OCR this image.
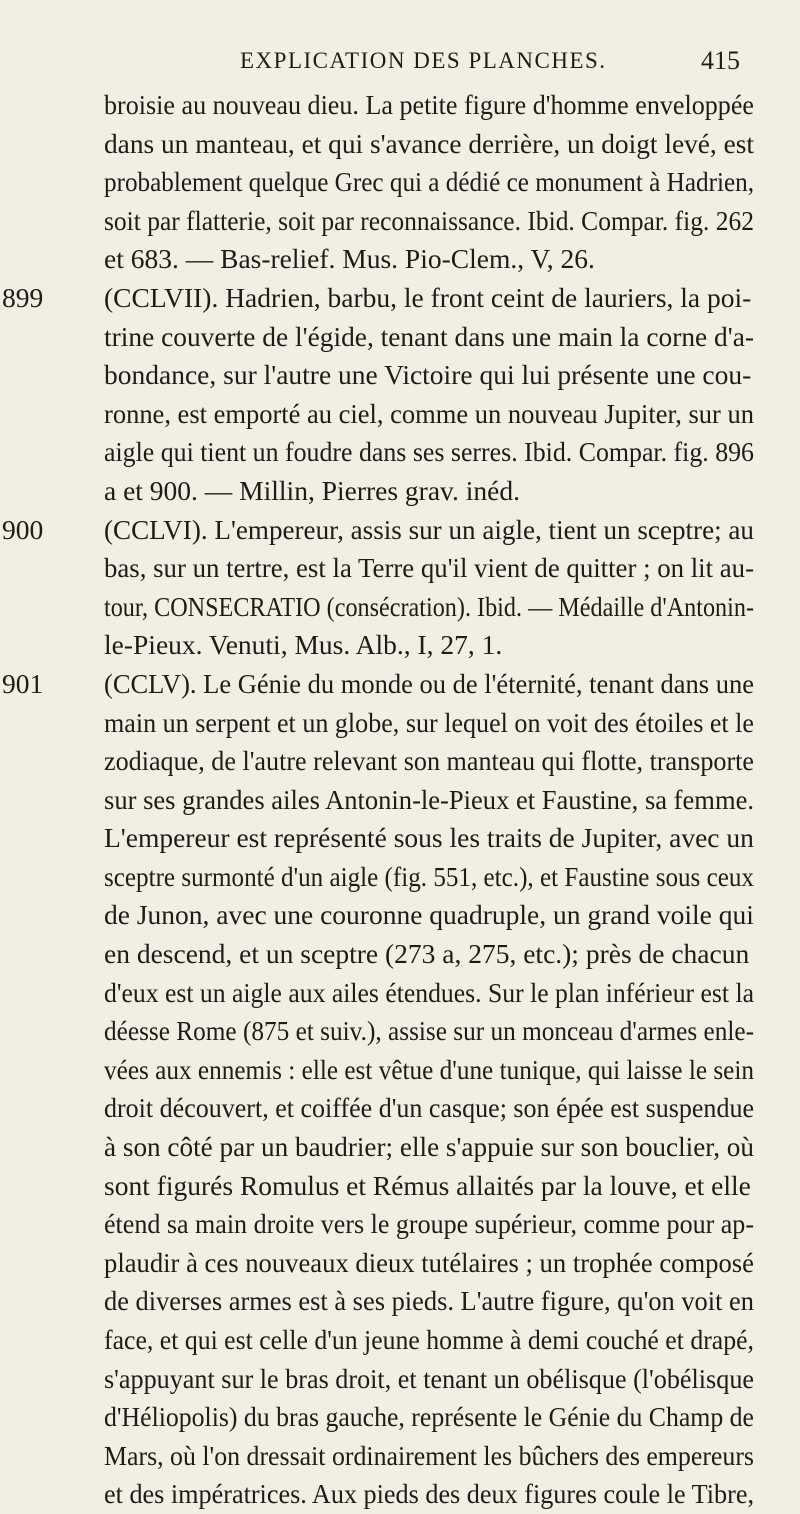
EXPLICATION DES PLANCHES.	415
broisie au nouveau dieu. La petite figure d'homme enveloppée
dans un manteau, et qui s'avance derrière, un doigt levé, est
probablement quelque Grec qui a dédié ce monument à Hadrien,
soit par flatterie, soit par reconnaissance. Ibid. Compar. fig. 262
et 683. — Bas-relief. Mus. Pio-Clem., V, 26.
899 (CCLVII). Hadrien, barbu, le front ceint de lauriers, la poi-
trine couverte de l'égide, tenant dans une main la corne d'a-
bondance, sur l'autre une Victoire qui lui présente une cou-
ronne, est emporté au ciel, comme un nouveau Jupiter, sur un
aigle qui tient un foudre dans ses serres. Ibid. Compar. fig. 896
a et 900. — Millin, Pierres grav. inéd.
900 (CCLVI). L'empereur, assis sur un aigle, tient un sceptre; au
bas, sur un tertre, est la Terre qu'il vient de quitter ; on lit au-
tour, CONSECRATIO (consécration). Ibid. — Médaille d'Antonin-
le-Pieux. Venuti, Mus. Alb., I, 27, 1.
901 (CCLV). Le Génie du monde ou de l'éternité, tenant dans une
main un serpent et un globe, sur lequel on voit des étoiles et le
zodiaque, de l'autre relevant son manteau qui flotte, transporte
sur ses grandes ailes Antonin-le-Pieux et Faustine, sa femme.
L'empereur est représenté sous les traits de Jupiter, avec un
sceptre surmonté d'un aigle (fig. 551, etc.), et Faustine sous ceux
de Junon, avec une couronne quadruple, un grand voile qui
en descend, et un sceptre (273 a, 275, etc.); près de chacun
d'eux est un aigle aux ailes étendues. Sur le plan inférieur est la
déesse Rome (875 et suiv.), assise sur un monceau d'armes enle-
vées aux ennemis : elle est vêtue d'une tunique, qui laisse le sein
droit découvert, et coiffée d'un casque; son épée est suspendue
à son côté par un baudrier; elle s'appuie sur son bouclier, où
sont figurés Romulus et Rémus allaités par la louve, et elle
étend sa main droite vers le groupe supérieur, comme pour ap-
plaudir à ces nouveaux dieux tutélaires ; un trophée composé
de diverses armes est à ses pieds. L'autre figure, qu'on voit en
face, et qui est celle d'un jeune homme à demi couché et drapé,
s'appuyant sur le bras droit, et tenant un obélisque (l'obélisque
d'Héliopolis) du bras gauche, représente le Génie du Champ de
Mars, où l'on dressait ordinairement les bûchers des empereurs
et des impératrices. Aux pieds des deux figures coule le Tibre,
